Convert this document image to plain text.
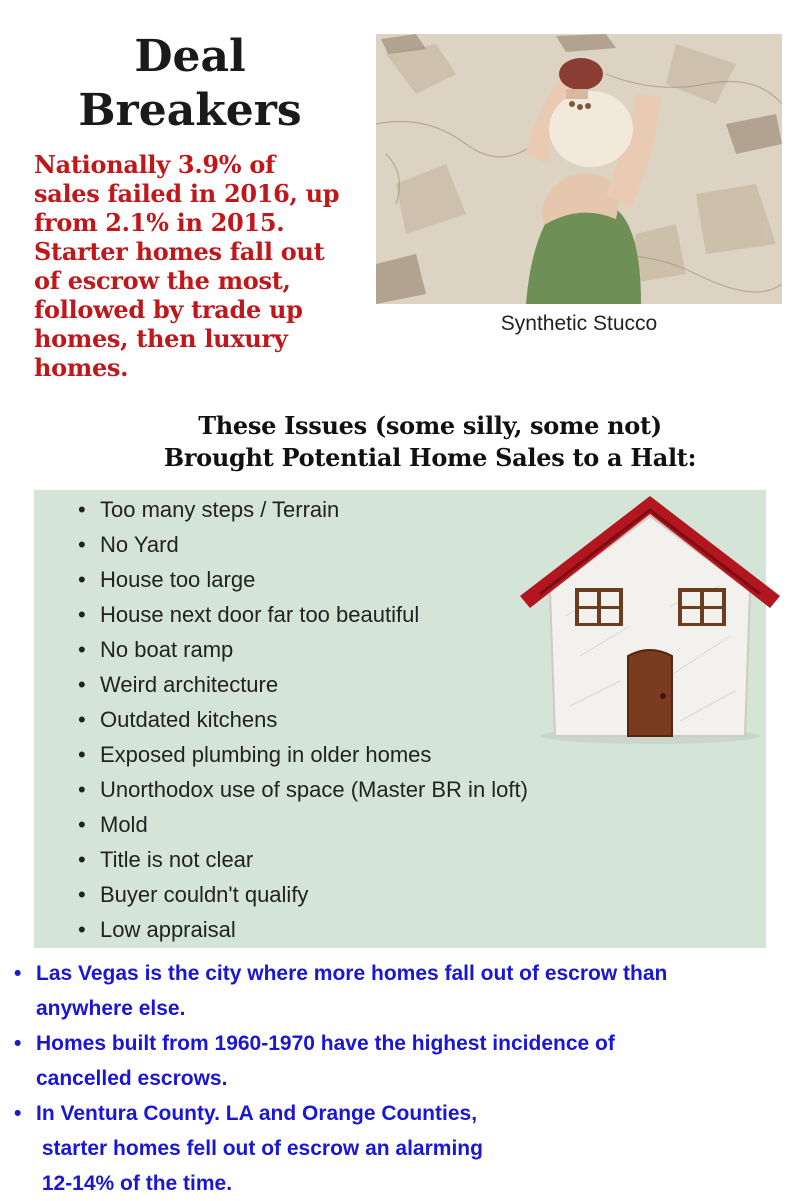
Deal
Breakers
Nationally 3.9% of
sales failed in 2016, up
from 2.1% in 2015.
Starter homes fall out
of escrow the most,
followed by trade up
homes, then luxury
homes.
Synthetic Stucco
These Issues (some silly, some not)
Brought Potential Home Sales to a Halt:
• Too many steps / Terrain
• No Yard
• House too large
• House next door far too beautiful
• No boat ramp
• Weird architecture
• Outdated kitchens
• Exposed plumbing in older homes
• Unorthodox use of space (Master BR in loft)
• Mold
• Title is not clear
• Buyer couldn't qualify
• Low appraisal
• Las Vegas is the city where more homes fall out of escrow than
anywhere else.
• Homes built from 1960-1970 have the highest incidence of
cancelled escrows.
• In Ventura County. LA and Orange Counties,
starter homes fell out of escrow an alarming
12-14% of the time.
